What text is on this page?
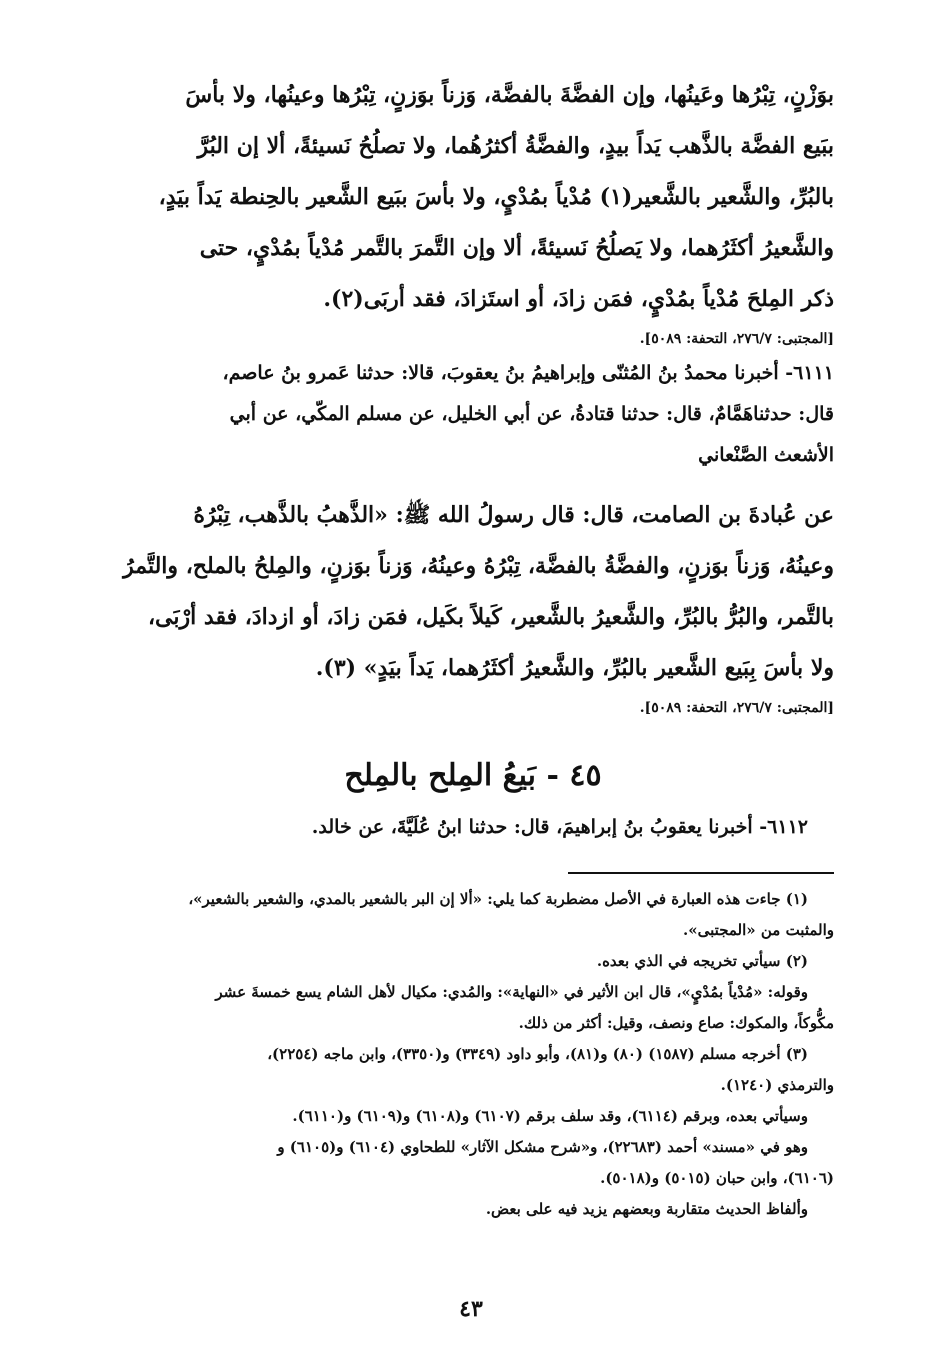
بوَزْنٍ، تِبْرُها وعَينُها، وإن الفضَّةَ بالفضَّة، وَزناً بوَزنٍ، تِبْرُها وعينُها، ولا بأسَ

ببَيع الفضَّة بالذَّهب يَداً بيدٍ، والفضَّةُ أكثرُهُما، ولا تصلُحُ نَسيئةً، ألا إن البُرَّ

بالبُرِّ، والشَّعير بالشَّعير(١) مُدْياً بمُدْيٍ، ولا بأسَ ببَيع الشَّعير بالحِنطة يَداً بيَدٍ،

والشَّعيرُ أكثَرُهما، ولا يَصلُحُ نَسيئةً، ألا وإن التَّمرَ بالتَّمر مُدْياً بمُدْيٍ، حتى

ذكر المِلحَ مُدْياً بمُدْيٍ، فمَن زادَ، أو استَزادَ، فقد أربَى(٢).

[المجتبى: ٢٧٦/٧، التحفة: ٥٠٨٩].

٦١١١- أخبرنا محمدُ بنُ المُثنّى وإبراهيمُ بنُ يعقوبَ، قالا: حدثنا عَمرو بنُ عاصم،

قال: حدثناهَمَّامٌ، قال: حدثنا قتادةُ، عن أبي الخليل، عن مسلم المكّي، عن أبي

الأشعث الصَّنْعاني

عن عُبادةَ بن الصامت، قال: قال رسولُ الله ﷺ: «الذَّهبُ بالذَّهب، تِبْرُهُ

وعينُهُ، وَزناً بوَزنٍ، والفضَّةُ بالفضَّة، تِبْرُهُ وعينُهُ، وَزناً بوَزنٍ، والمِلحُ بالملح، والتَّمرُ

بالتَّمر، والبُرُّ بالبُرِّ، والشَّعيرُ بالشَّعير، كَيلاً بكَيل، فمَن زادَ، أو ازدادَ، فقد أرْبَى،

ولا بأسَ بِبَيع الشَّعير بالبُرِّ، والشَّعيرُ أكثَرُهما، يَداً بيَدٍ» (٣).

[المجتبى: ٢٧٦/٧، التحفة: ٥٠٨٩].

٤٥ - بَيعُ المِلح بالمِلح

٦١١٢- أخبرنا يعقوبُ بنُ إبراهيمَ، قال: حدثنا ابنُ عُلَيَّةَ، عن خالد.

(١) جاءت هذه العبارة في الأصل مضطربة كما يلي: «ألا إن البر بالشعير بالمدي، والشعير بالشعير»،

والمثبت من «المجتبى».

(٢) سيأتي تخريجه في الذي بعده.

وقوله: «مُدْياً بمُدْيٍ»، قال ابن الأثير في «النهاية»: والمُدي: مكيال لأهل الشام يسع خمسةَ عشر

مكُّوكاً، والمكوك: صاع ونصف، وقيل: أكثر من ذلك.

(٣) أخرجه مسلم (١٥٨٧) (٨٠) و(٨١)، وأبو داود (٣٣٤٩) و(٣٣٥٠)، وابن ماجه (٢٢٥٤)،

والترمذي (١٢٤٠).

وسيأتي بعده، وبرقم (٦١١٤)، وقد سلف برقم (٦١٠٧) و(٦١٠٨) و(٦١٠٩) و(٦١١٠).

وهو في «مسند» أحمد (٢٢٦٨٣)، و«شرح مشكل الآثار» للطحاوي (٦١٠٤) و(٦١٠٥) و

(٦١٠٦)، وابن حبان (٥٠١٥) و(٥٠١٨).

وألفاظ الحديث متقاربة وبعضهم يزيد فيه على بعض.

٤٣
